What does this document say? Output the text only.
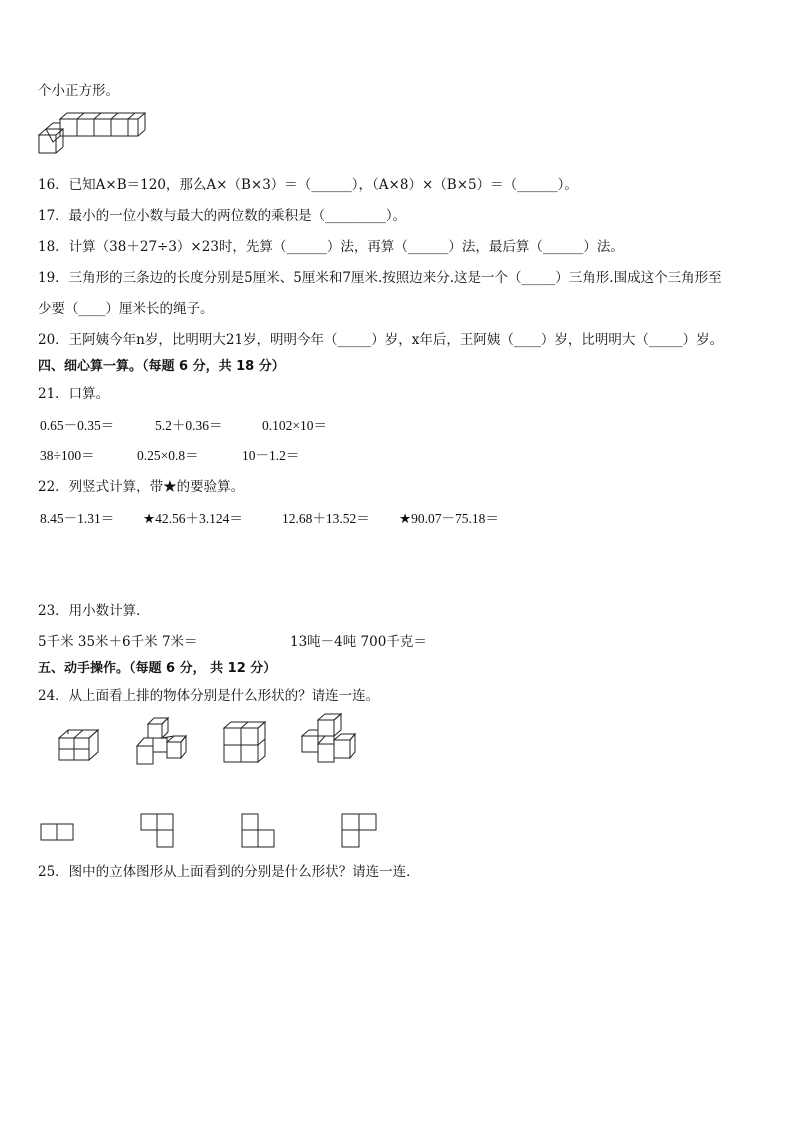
个小正方形。
16．已知A×B＝120，那么A×（B×3）＝（______），（A×8）×（B×5）＝（______）。
17．最小的一位小数与最大的两位数的乘积是（_________）。
18．计算（38＋27÷3）×23时，先算（______）法，再算（______）法，最后算（______）法。
19．三角形的三条边的长度分别是5厘米、5厘米和7厘米.按照边来分.这是一个（_____）三角形.围成这个三角形至
少要（____）厘米长的绳子。
20．王阿姨今年n岁，比明明大21岁，明明今年（_____）岁，x年后，王阿姨（____）岁，比明明大（_____）岁。
四、细心算一算。（每题 6 分，共 18 分）
21．口算。
0.65－0.35＝	5.2＋0.36＝	0.102×10＝
38÷100＝	0.25×0.8＝	10－1.2＝
22．列竖式计算，带★的要验算。
8.45－1.31＝ ★42.56＋3.124＝	12.68＋13.52＝ ★90.07－75.18＝
23．用小数计算．
5千米 35米＋6千米 7米＝	13吨－4吨 700千克＝
五、动手操作。（每题 6 分， 共 12 分）
24．从上面看上排的物体分别是什么形状的？请连一连。
25．图中的立体图形从上面看到的分别是什么形状？请连一连．
